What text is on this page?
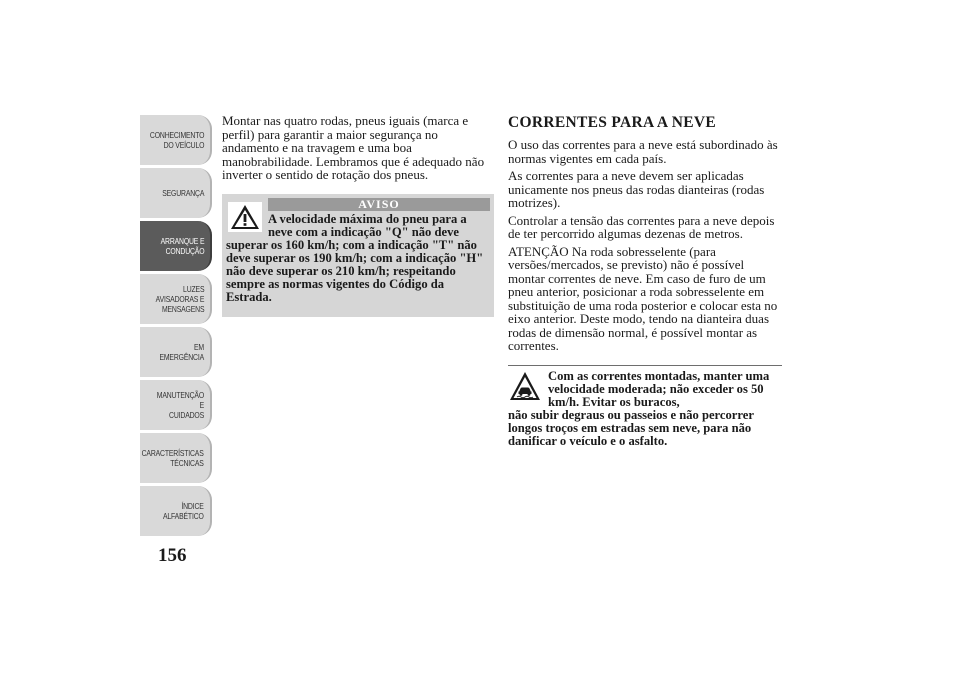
CONHECIMENTO
DO VEÍCULO
SEGURANÇA
ARRANQUE E
CONDUÇÃO
LUZES
AVISADORAS E
MENSAGENS
EM EMERGÊNCIA
MANUTENÇÃO E
CUIDADOS
CARACTERÍSTICAS
TÉCNICAS
ÍNDICE
ALFABÉTICO
156

Montar nas quatro rodas, pneus iguais (marca e perfil) para garantir a maior segurança no andamento e na travagem e uma boa manobrabilidade. Lembramos que é adequado não inverter o sentido de rotação dos pneus.

AVISO
A velocidade máxima do pneu para a neve com a indicação "Q" não deve
superar os 160 km/h; com a indicação "T" não deve superar os 190 km/h; com a indicação "H" não deve superar os 210 km/h; respeitando sempre as normas vigentes do Código da Estrada.
CORRENTES PARA A NEVE

O uso das correntes para a neve está subordinado às normas vigentes em cada país.

As correntes para a neve devem ser aplicadas unicamente nos pneus das rodas dianteiras (rodas motrizes).

Controlar a tensão das correntes para a neve depois de ter percorrido algumas dezenas de metros.

ATENÇÃO Na roda sobresselente (para versões/mercados, se previsto) não é possível montar correntes de neve. Em caso de furo de um pneu anterior, posicionar a roda sobresselente em substituição de uma roda posterior e colocar esta no eixo anterior. Deste modo, tendo na dianteira duas rodas de dimensão normal, é possível montar as correntes.

Com as correntes montadas, manter uma velocidade moderada; não exceder os 50 km/h. Evitar os buracos,
não subir degraus ou passeios e não percorrer longos troços em estradas sem neve, para não danificar o veículo e o asfalto.
